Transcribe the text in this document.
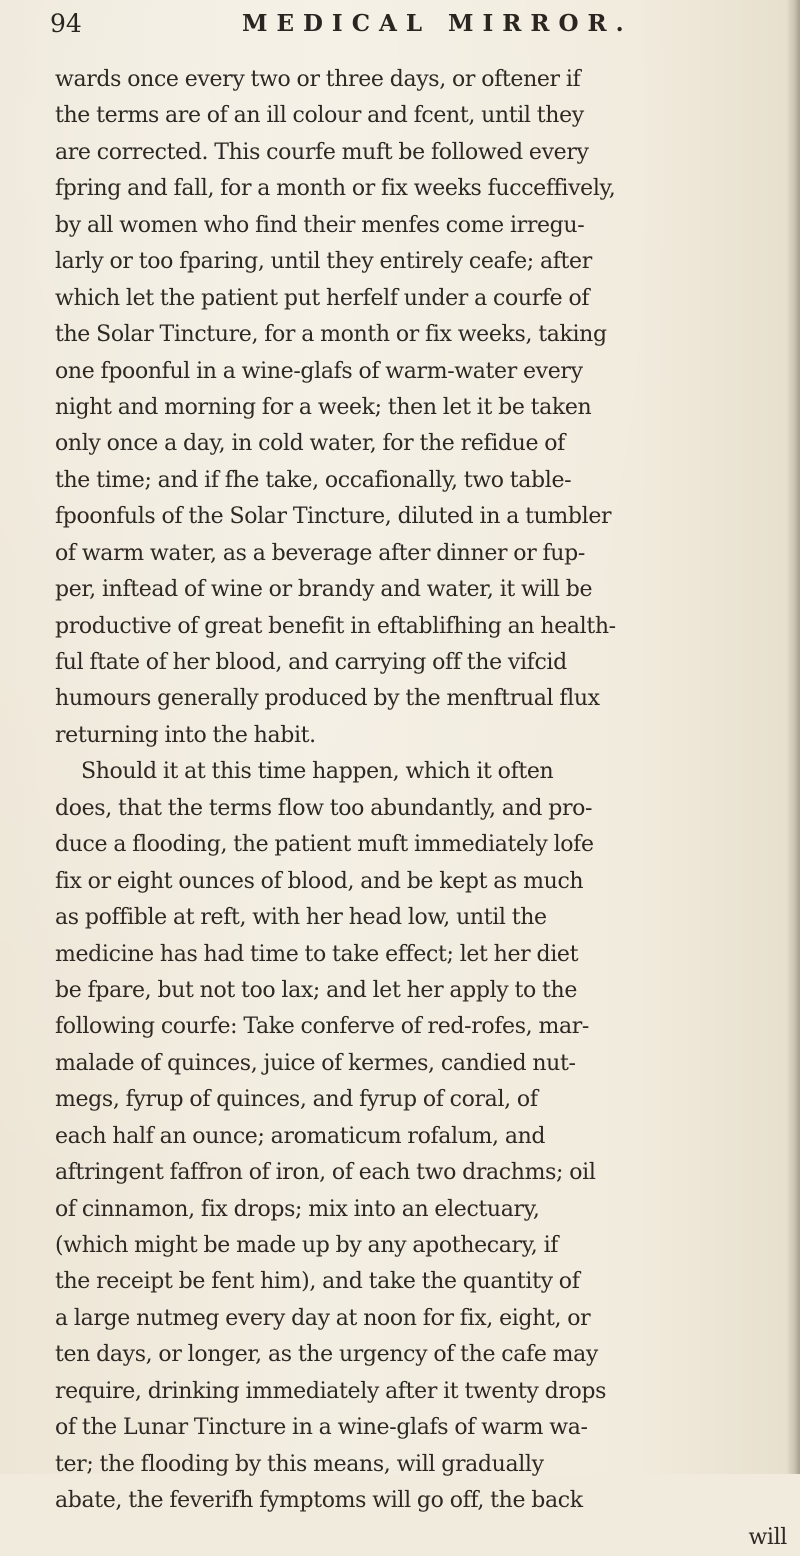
94	MEDICAL MIRROR.
wards once every two or three days, or oftener if
the terms are of an ill colour and fcent, until they
are corrected. This courfe muft be followed every
fpring and fall, for a month or fix weeks fucceffively,
by all women who find their menfes come irregu-
larly or too fparing, until they entirely ceafe; after
which let the patient put herfelf under a courfe of
the Solar Tincture, for a month or fix weeks, taking
one fpoonful in a wine-glafs of warm-water every
night and morning for a week; then let it be taken
only once a day, in cold water, for the refidue of
the time; and if fhe take, occafionally, two table-
fpoonfuls of the Solar Tincture, diluted in a tumbler
of warm water, as a beverage after dinner or fup-
per, inftead of wine or brandy and water, it will be
productive of great benefit in eftablifhing an health-
ful ftate of her blood, and carrying off the vifcid
humours generally produced by the menftrual flux
returning into the habit.
Should it at this time happen, which it often
does, that the terms flow too abundantly, and pro-
duce a flooding, the patient muft immediately lofe
fix or eight ounces of blood, and be kept as much
as poffible at reft, with her head low, until the
medicine has had time to take effect; let her diet
be fpare, but not too lax; and let her apply to the
following courfe: Take conferve of red-rofes, mar-
malade of quinces, juice of kermes, candied nut-
megs, fyrup of quinces, and fyrup of coral, of
each half an ounce; aromaticum rofalum, and
aftringent faffron of iron, of each two drachms; oil
of cinnamon, fix drops; mix into an electuary,
(which might be made up by any apothecary, if
the receipt be fent him), and take the quantity of
a large nutmeg every day at noon for fix, eight, or
ten days, or longer, as the urgency of the cafe may
require, drinking immediately after it twenty drops
of the Lunar Tincture in a wine-glafs of warm wa-
ter; the flooding by this means, will gradually
abate, the feverifh fymptoms will go off, the back
will
